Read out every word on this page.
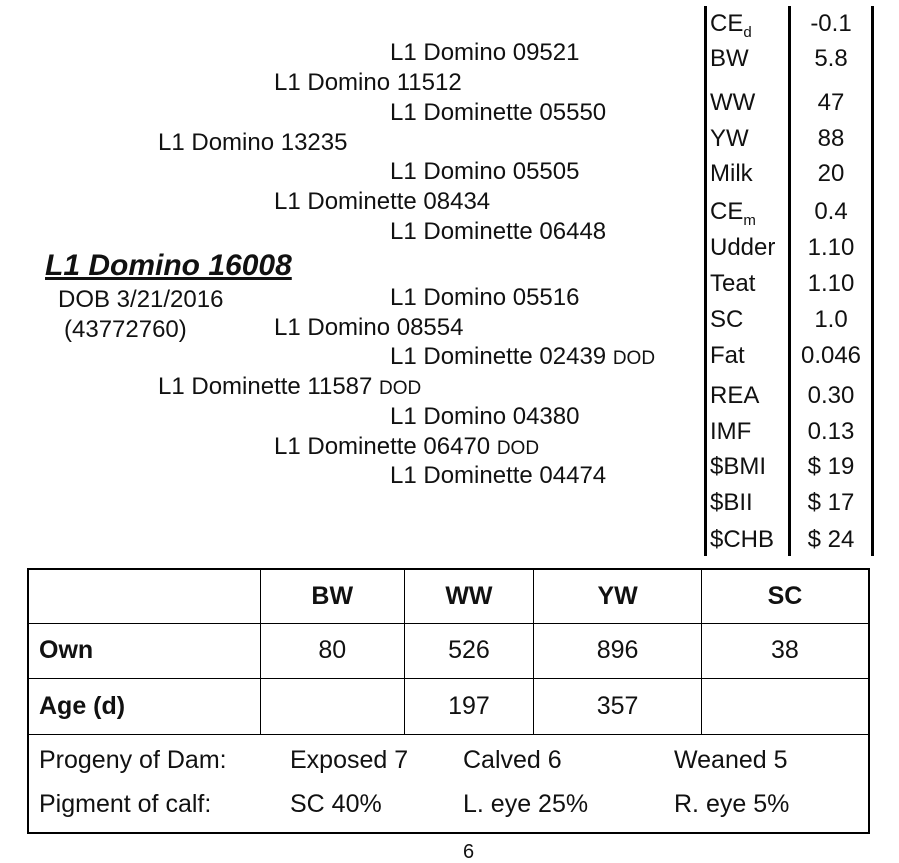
L1 Domino 09521
L1 Domino 11512
L1 Dominette 05550
L1 Domino 13235
L1 Domino 05505
L1 Dominette 08434
L1 Dominette 06448
L1 Domino 16008
DOB 3/21/2016
(43772760)
L1 Domino 05516
L1 Domino 08554
L1 Dominette 02439 DOD
L1 Dominette 11587 DOD
L1 Domino 04380
L1 Dominette 06470 DOD
L1 Dominette 04474
$CE_d$	-0.1
BW	5.8
WW	47
YW	88
Milk	20
$CE_m$	0.4
Udder	1.10
Teat	1.10
SC	1.0
Fat	0.046
REA	0.30
IMF	0.13
$BMI	$ 19
$BII	$ 17
$CHB	$ 24
	BW	WW	YW	SC
Own	80	526	896	38
Age (d)		197	357	

Progeny of Dam: Exposed 7 Calved 6 Weaned 5				

Pigment of calf: SC 40% L. eye 25% R. eye 5%				
6
